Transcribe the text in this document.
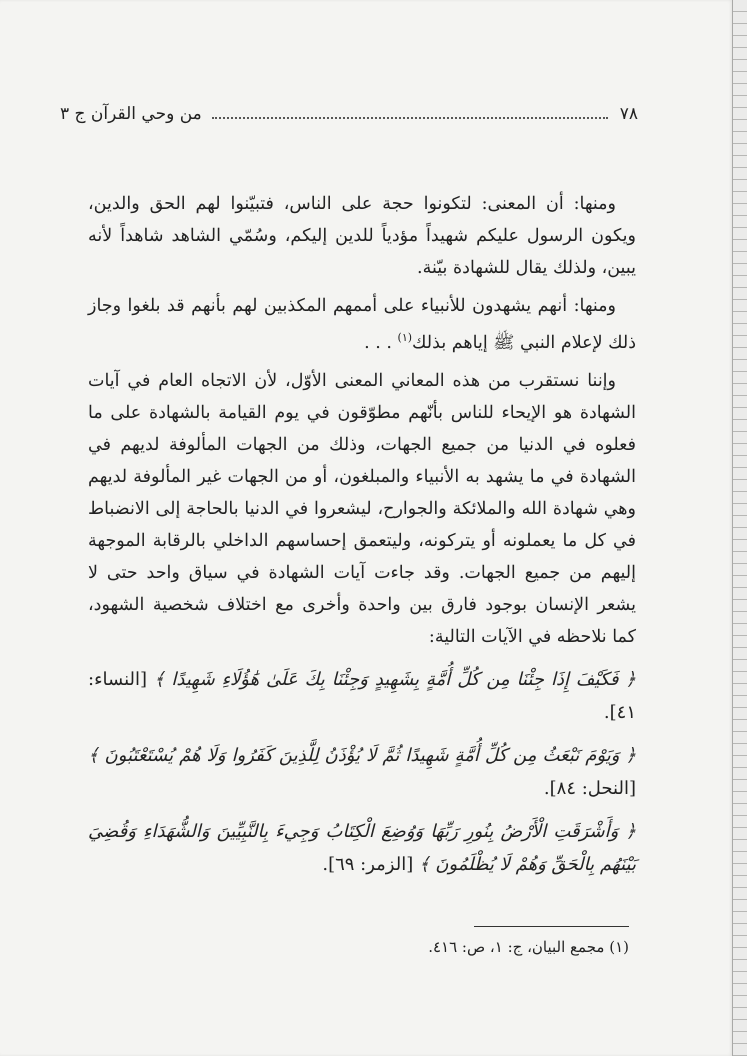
٧٨
من وحي القرآن ج ٣

ومنها: أن المعنى: لتكونوا حجة على الناس، فتبيّنوا لهم الحق والدين، ويكون الرسول عليكم شهيداً مؤدياً للدين إليكم، وسُمّي الشاهد شاهداً لأنه يبين، ولذلك يقال للشهادة بيّنة.

ومنها: أنهم يشهدون للأنبياء على أممهم المكذبين لهم بأنهم قد بلغوا وجاز ذلك لإعلام النبي ﷺ إياهم بذلك$^{(١)}$ . . .

وإننا نستقرب من هذه المعاني المعنى الأوّل، لأن الاتجاه العام في آيات الشهادة هو الإيحاء للناس بأنّهم مطوّقون في يوم القيامة بالشهادة على ما فعلوه في الدنيا من جميع الجهات، وذلك من الجهات المألوفة لديهم في الشهادة في ما يشهد به الأنبياء والمبلغون، أو من الجهات غير المألوفة لديهم وهي شهادة الله والملائكة والجوارح، ليشعروا في الدنيا بالحاجة إلى الانضباط في كل ما يعملونه أو يتركونه، وليتعمق إحساسهم الداخلي بالرقابة الموجهة إليهم من جميع الجهات. وقد جاءت آيات الشهادة في سياق واحد حتى لا يشعر الإنسان بوجود فارق بين واحدة وأخرى مع اختلاف شخصية الشهود، كما نلاحظه في الآيات التالية:

﴿ فَكَيْفَ إِذَا جِئْنَا مِن كُلِّ أُمَّةٍ بِشَهِيدٍ وَجِئْنَا بِكَ عَلَىٰ هَٰؤُلَاءِ شَهِيدًا ﴾ [النساء: ٤١].
﴿ وَيَوْمَ نَبْعَثُ مِن كُلِّ أُمَّةٍ شَهِيدًا ثُمَّ لَا يُؤْذَنُ لِلَّذِينَ كَفَرُوا وَلَا هُمْ يُسْتَعْتَبُونَ ﴾ [النحل: ٨٤].
﴿ وَأَشْرَقَتِ الْأَرْضُ بِنُورِ رَبِّهَا وَوُضِعَ الْكِتَابُ وَجِيءَ بِالنَّبِيِّينَ وَالشُّهَدَاءِ وَقُضِيَ بَيْنَهُم بِالْحَقِّ وَهُمْ لَا يُظْلَمُونَ ﴾ [الزمر: ٦٩].
(١) مجمع البيان، ج: ١، ص: ٤١٦.
